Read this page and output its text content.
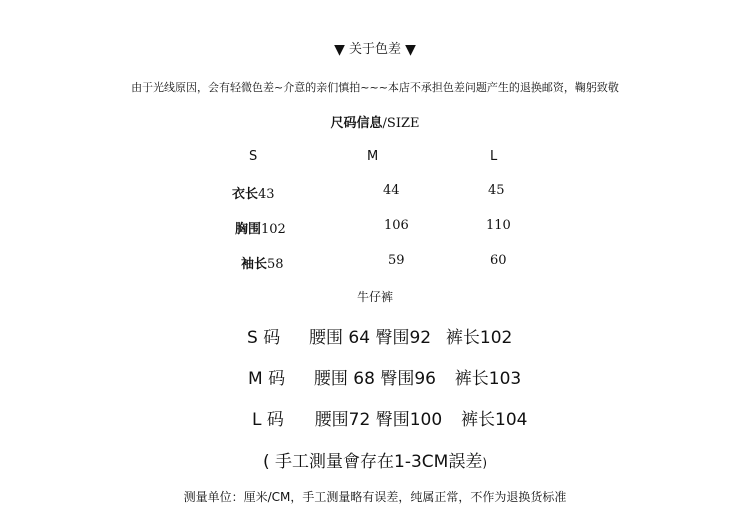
▼ 关于色差 ▼
由于光线原因，会有轻微色差~介意的亲们慎拍~~~本店不承担色差问题产生的退换邮资，鞠躬致敬
尺码信息/SIZE
S	M	L
衣长43	44	45
胸围102	106	110
袖长58	59	60
牛仔裤
S 码 腰围 64 臀围92 裤长102
M 码 腰围 68 臀围96 裤长103
L 码 腰围72 臀围100 裤长104
( 手工測量會存在1-3CM誤差)
测量单位：厘米/CM，手工测量略有误差，纯属正常，不作为退换货标准
